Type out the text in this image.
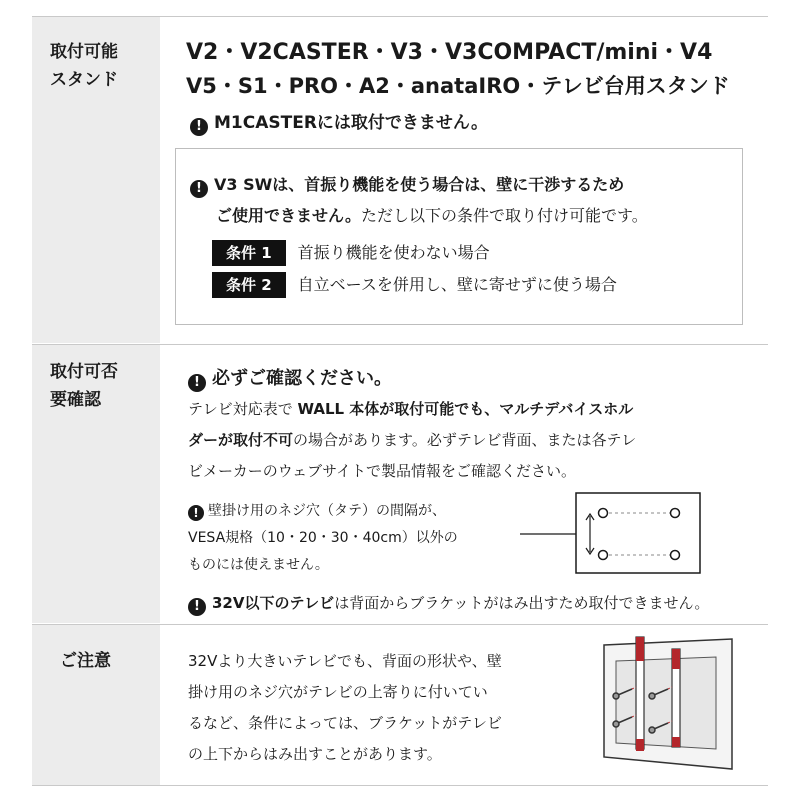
取付可能
スタンド
V2・V2CASTER・V3・V3COMPACT/mini・V4
V5・S1・PRO・A2・anataIRO・テレビ台用スタンド
! M1CASTERには取付できません。
! V3 SWは、首振り機能を使う場合は、壁に干渉するため
ご使用できません。ただし以下の条件で取り付け可能です。
条件 1 首振り機能を使わない場合
条件 2 自立ベースを併用し、壁に寄せずに使う場合
取付可否
要確認
! 必ずご確認ください。
テレビ対応表で WALL 本体が取付可能でも、マルチデバイスホル
ダーが取付不可の場合があります。必ずテレビ背面、または各テレ
ビメーカーのウェブサイトで製品情報をご確認ください。
! 壁掛け用のネジ穴（タテ）の間隔が、
VESA規格（10・20・30・40cm）以外の
ものには使えません。
! 32V以下のテレビは背面からブラケットがはみ出すため取付できません。
ご注意	32Vより大きいテレビでも、背面の形状や、壁
掛け用のネジ穴がテレビの上寄りに付いてい
るなど、条件によっては、ブラケットがテレビ
の上下からはみ出すことがあります。
